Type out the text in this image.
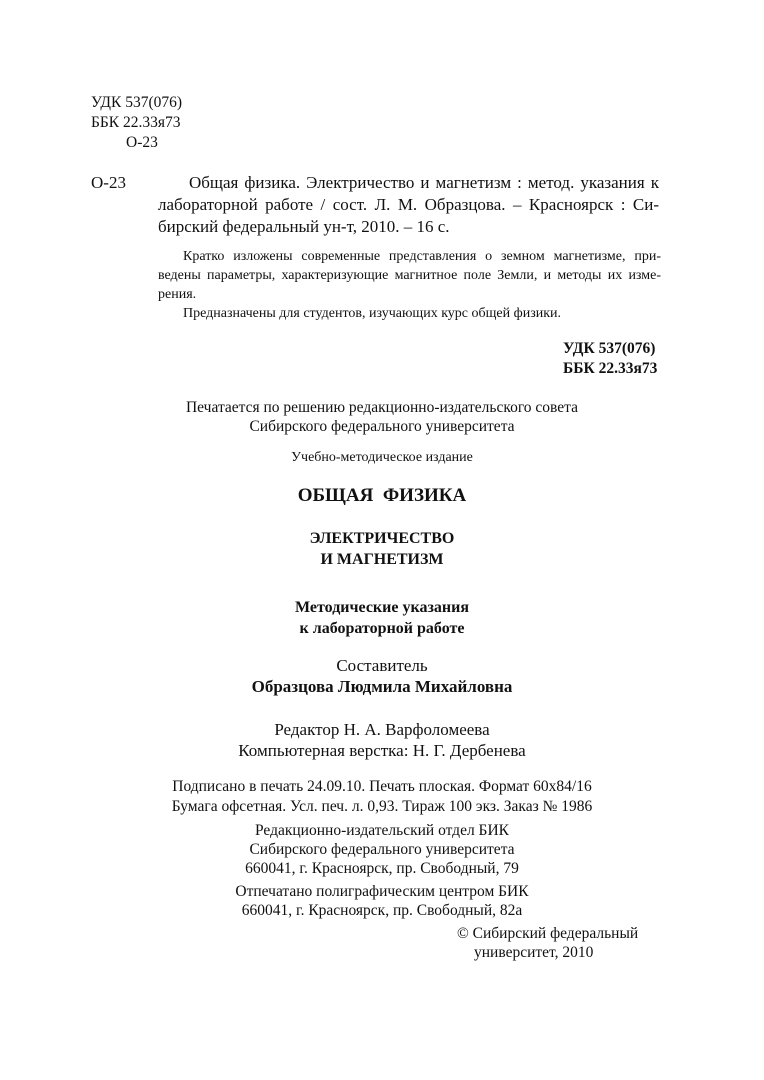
УДК 537(076)
ББК 22.33я73
О-23
О-23	Общая физика. Электричество и магнетизм : метод. указания к
лабораторной работе / сост. Л. М. Образцова. – Красноярск : Си-
бирский федеральный ун-т, 2010. – 16 с.
Кратко изложены современные представления о земном магнетизме, при-
ведены параметры, характеризующие магнитное поле Земли, и методы их изме-
рения.
Предназначены для студентов, изучающих курс общей физики.
УДК 537(076)
ББК 22.33я73
Печатается по решению редакционно-издательского совета
Сибирского федерального университета
Учебно-методическое издание
ОБЩАЯ  ФИЗИКА
ЭЛЕКТРИЧЕСТВО
И МАГНЕТИЗМ
Методические указания
к лабораторной работе
Составитель
Образцова Людмила Михайловна
Редактор Н. А. Варфоломеева
Компьютерная верстка: Н. Г. Дербенева
Подписано в печать 24.09.10. Печать плоская. Формат 60х84/16
Бумага офсетная. Усл. печ. л. 0,93. Тираж 100 экз. Заказ № 1986
Редакционно-издательский отдел БИК
Сибирского федерального университета
660041, г. Красноярск, пр. Свободный, 79
Отпечатано полиграфическим центром БИК
660041, г. Красноярск, пр. Свободный, 82а
© Сибирский федеральный
университет, 2010
